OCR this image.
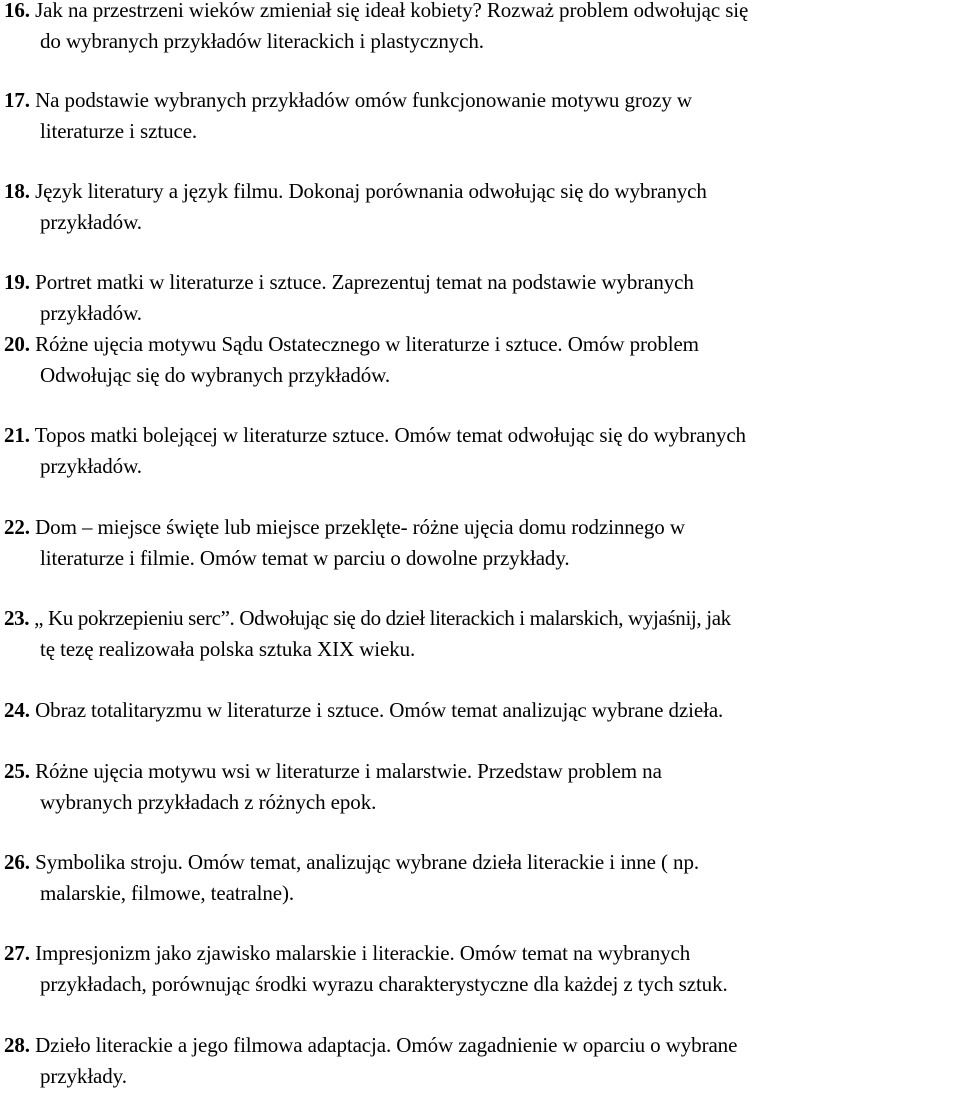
16. Jak na przestrzeni wieków zmieniał się ideał kobiety? Rozważ problem odwołując się
do wybranych przykładów literackich i plastycznych.
17. Na podstawie wybranych przykładów omów funkcjonowanie motywu grozy w
literaturze i sztuce.
18. Język literatury a język filmu. Dokonaj porównania odwołując się do wybranych
przykładów.
19. Portret matki w literaturze i sztuce. Zaprezentuj temat na podstawie wybranych
przykładów.
20. Różne ujęcia motywu Sądu Ostatecznego w literaturze i sztuce. Omów problem
Odwołując się do wybranych przykładów.
21. Topos matki bolejącej w literaturze sztuce. Omów temat odwołując się do wybranych
przykładów.
22. Dom – miejsce święte lub miejsce przeklęte- różne ujęcia domu rodzinnego w
literaturze i filmie. Omów temat w parciu o dowolne przykłady.
23. „ Ku pokrzepieniu serc”. Odwołując się do dzieł literackich i malarskich, wyjaśnij, jak
tę tezę realizowała polska sztuka XIX wieku.
24. Obraz totalitaryzmu w literaturze i sztuce. Omów temat analizując wybrane dzieła.
25. Różne ujęcia motywu wsi w literaturze i malarstwie. Przedstaw problem na
wybranych przykładach z różnych epok.
26. Symbolika stroju. Omów temat, analizując wybrane dzieła literackie i inne ( np.
malarskie, filmowe, teatralne).
27. Impresjonizm jako zjawisko malarskie i literackie. Omów temat na wybranych
przykładach, porównując środki wyrazu charakterystyczne dla każdej z tych sztuk.
28. Dzieło literackie a jego filmowa adaptacja. Omów zagadnienie w oparciu o wybrane
przykłady.
